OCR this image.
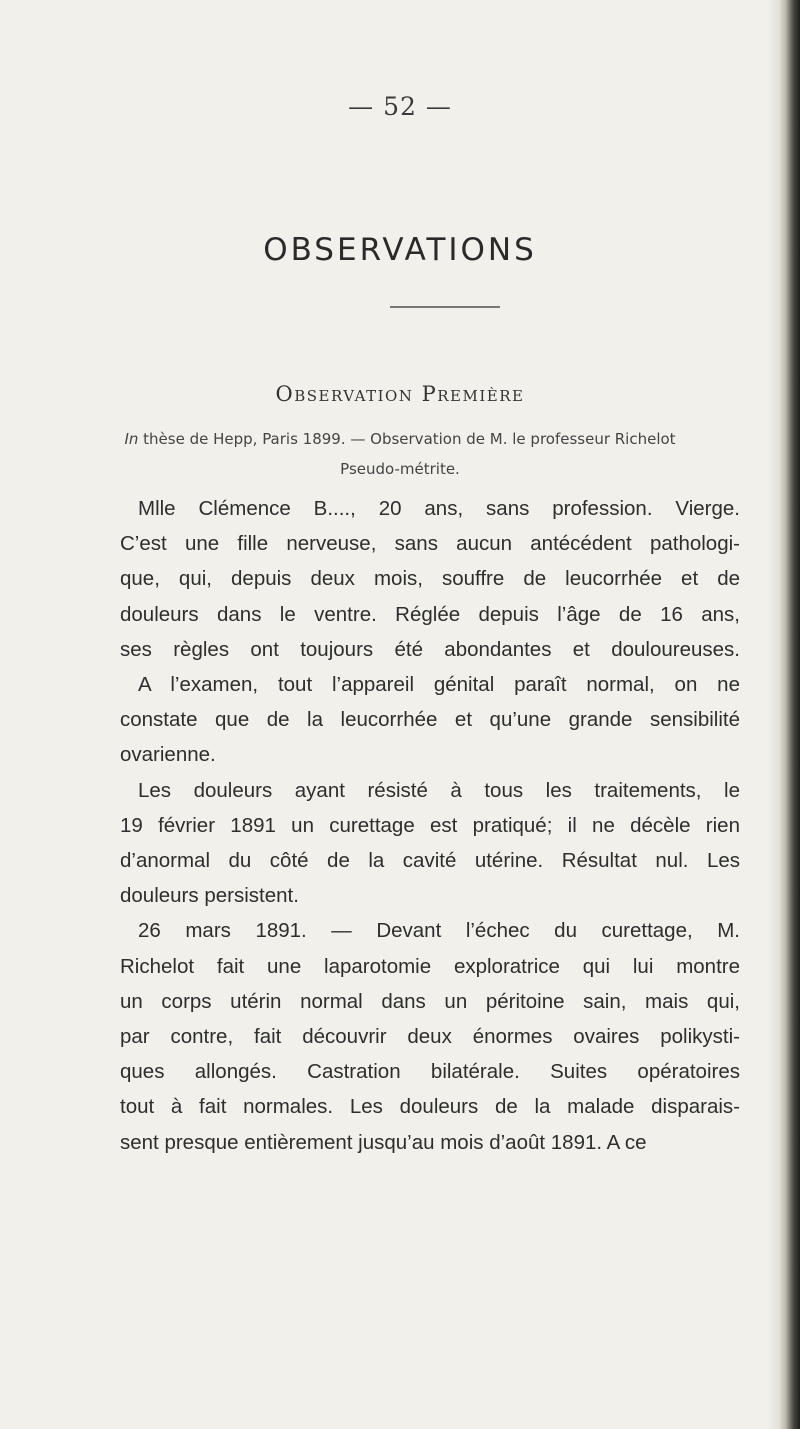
— 52 —
OBSERVATIONS
Observation Première
In thèse de Hepp, Paris 1899. — Observation de M. le professeur Richelot
Pseudo-métrite.
Mlle Clémence B...., 20 ans, sans profession. Vierge.
C’est une fille nerveuse, sans aucun antécédent pathologi-
que, qui, depuis deux mois, souffre de leucorrhée et de
douleurs dans le ventre. Réglée depuis l’âge de 16 ans,
ses règles ont toujours été abondantes et douloureuses.
A l’examen, tout l’appareil génital paraît normal, on ne
constate que de la leucorrhée et qu’une grande sensibilité
ovarienne.
Les douleurs ayant résisté à tous les traitements, le
19 février 1891 un curettage est pratiqué; il ne décèle rien
d’anormal du côté de la cavité utérine. Résultat nul. Les
douleurs persistent.
26 mars 1891. — Devant l’échec du curettage, M.
Richelot fait une laparotomie exploratrice qui lui montre
un corps utérin normal dans un péritoine sain, mais qui,
par contre, fait découvrir deux énormes ovaires polikysti-
ques allongés. Castration bilatérale. Suites opératoires
tout à fait normales. Les douleurs de la malade disparais-
sent presque entièrement jusqu’au mois d’août 1891. A ce
